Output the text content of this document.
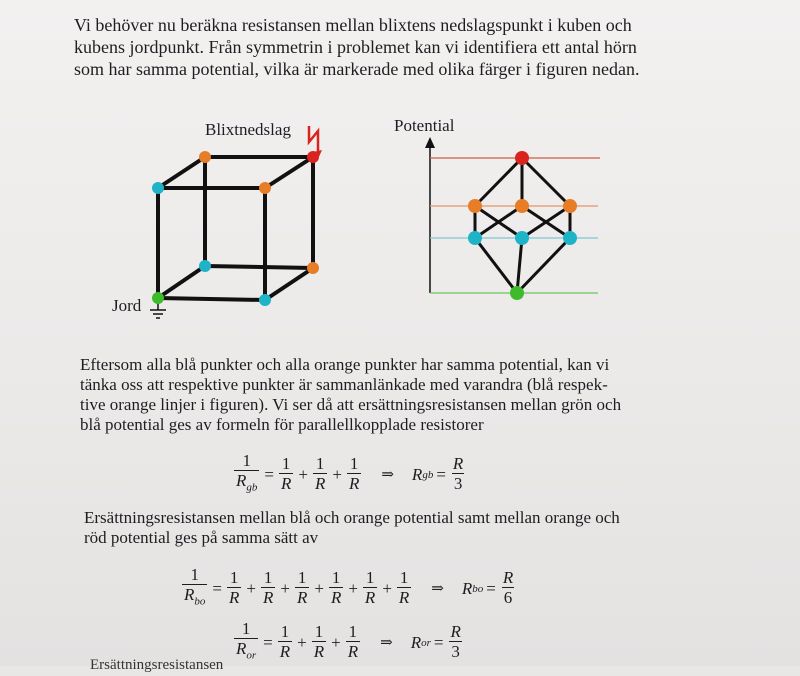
Vi behöver nu beräkna resistansen mellan blixtens nedslagspunkt i kuben och
kubens jordpunkt. Från symmetrin i problemet kan vi identifiera ett antal hörn
som har samma potential, vilka är markerade med olika färger i figuren nedan.
Blixtnedslag
Jord
Potential
Eftersom alla blå punkter och alla orange punkter har samma potential, kan vi
tänka oss att respektive punkter är sammanlänkade med varandra (blå respek-
tive orange linjer i figuren). Vi ser då att ersättningsresistansen mellan grön och
blå potential ges av formeln för parallellkopplade resistorer
$\frac{1}{R_{gb}} = \frac{1}{R} + \frac{1}{R} + \frac{1}{R}$ ⇒ R gb = $\frac{R}{3}$
Ersättningsresistansen mellan blå och orange potential samt mellan orange och
röd potential ges på samma sätt av
$\frac{1}{R_{bo}} = \frac{1}{R} + \frac{1}{R} + \frac{1}{R} + \frac{1}{R} + \frac{1}{R} + \frac{1}{R}$ ⇒ R bo = $\frac{R}{6}$
$\frac{1}{R_{or}} = \frac{1}{R} + \frac{1}{R} + \frac{1}{R}$ ⇒ R or = $\frac{R}{3}$
Ersättningsresistansen
